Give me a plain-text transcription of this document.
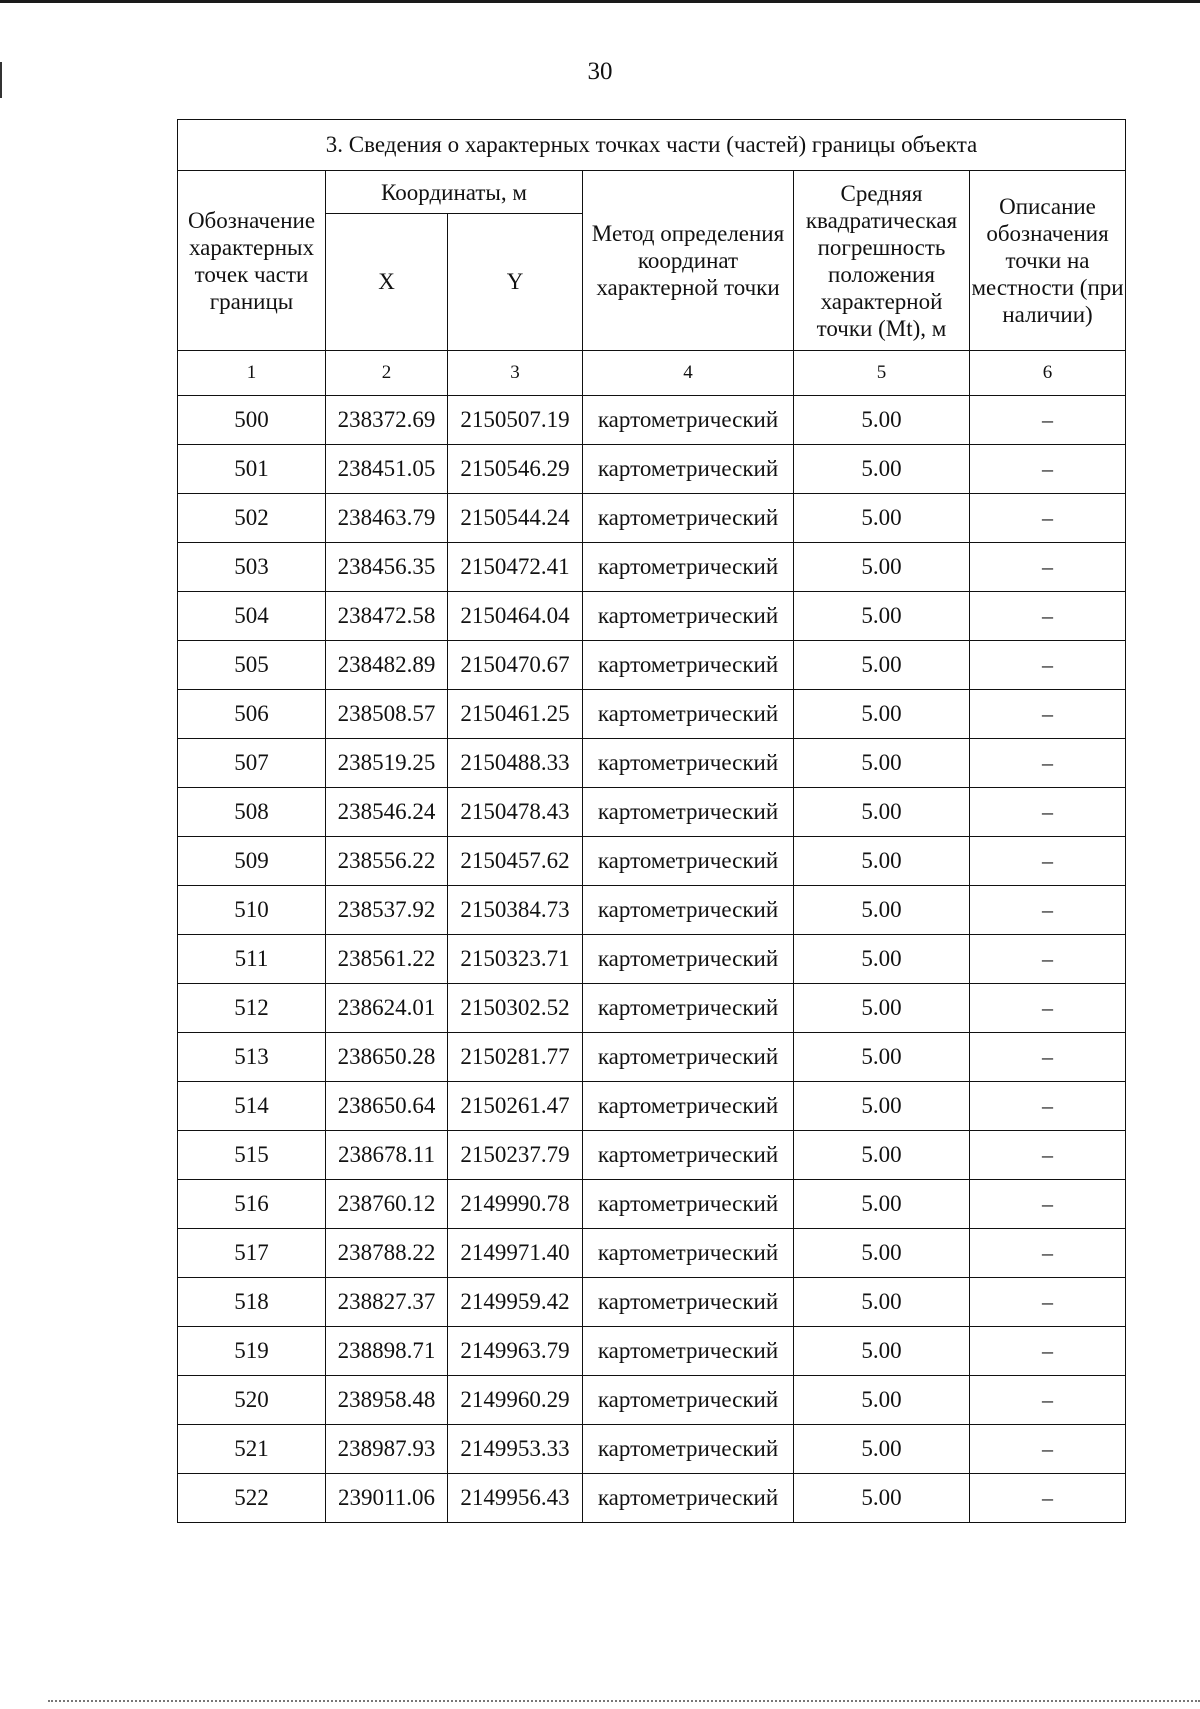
30
3. Сведения о характерных точках части (частей) границы объекта					
Обозначение характерных точек части границы	Координаты, м		Метод определения координат характерной точки	Средняя квадратическая погрешность положения характерной точки (Mt), м	Описание обозначения точки на местности (при наличии)
	X	Y			
1	2	3	4	5	6
500	238372.69	2150507.19	картометрический	5.00	–
501	238451.05	2150546.29	картометрический	5.00	–
502	238463.79	2150544.24	картометрический	5.00	–
503	238456.35	2150472.41	картометрический	5.00	–
504	238472.58	2150464.04	картометрический	5.00	–
505	238482.89	2150470.67	картометрический	5.00	–
506	238508.57	2150461.25	картометрический	5.00	–
507	238519.25	2150488.33	картометрический	5.00	–
508	238546.24	2150478.43	картометрический	5.00	–
509	238556.22	2150457.62	картометрический	5.00	–
510	238537.92	2150384.73	картометрический	5.00	–
511	238561.22	2150323.71	картометрический	5.00	–
512	238624.01	2150302.52	картометрический	5.00	–
513	238650.28	2150281.77	картометрический	5.00	–
514	238650.64	2150261.47	картометрический	5.00	–
515	238678.11	2150237.79	картометрический	5.00	–
516	238760.12	2149990.78	картометрический	5.00	–
517	238788.22	2149971.40	картометрический	5.00	–
518	238827.37	2149959.42	картометрический	5.00	–
519	238898.71	2149963.79	картометрический	5.00	–
520	238958.48	2149960.29	картометрический	5.00	–
521	238987.93	2149953.33	картометрический	5.00	–
522	239011.06	2149956.43	картометрический	5.00	–
